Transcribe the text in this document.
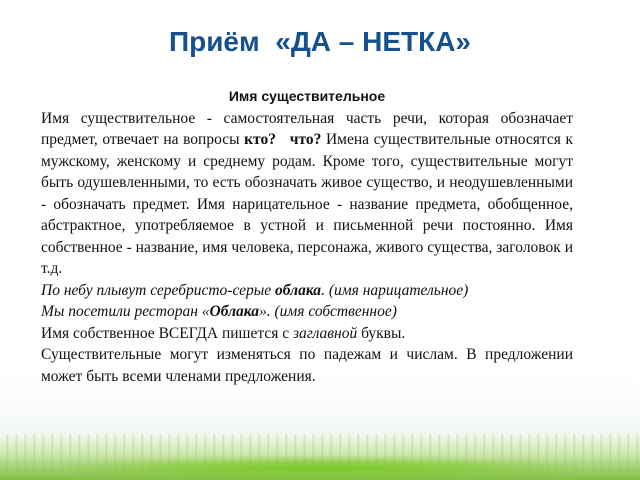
Приём  «ДА – НЕТКА»

Имя существительное

Имя существительное - самостоятельная часть речи, которая обозначает предмет, отвечает на вопросы кто? что? Имена существительные относятся к мужскому, женскому и среднему родам. Кроме того, существительные могут быть одушевленными, то есть обозначать живое существо, и неодушевленными - обозначать предмет. Имя нарицательное - название предмета, обобщенное, абстрактное, употребляемое в устной и письменной речи постоянно. Имя собственное - название, имя человека, персонажа, живого существа, заголовок и т.д.

По небу плывут серебристо-серые облака. (имя нарицательное)

Мы посетили ресторан «Облака». (имя собственное)

Имя собственное ВСЕГДА пишется с заглавной буквы.

Существительные могут изменяться по падежам и числам. В предложении может быть всеми членами предложения.
